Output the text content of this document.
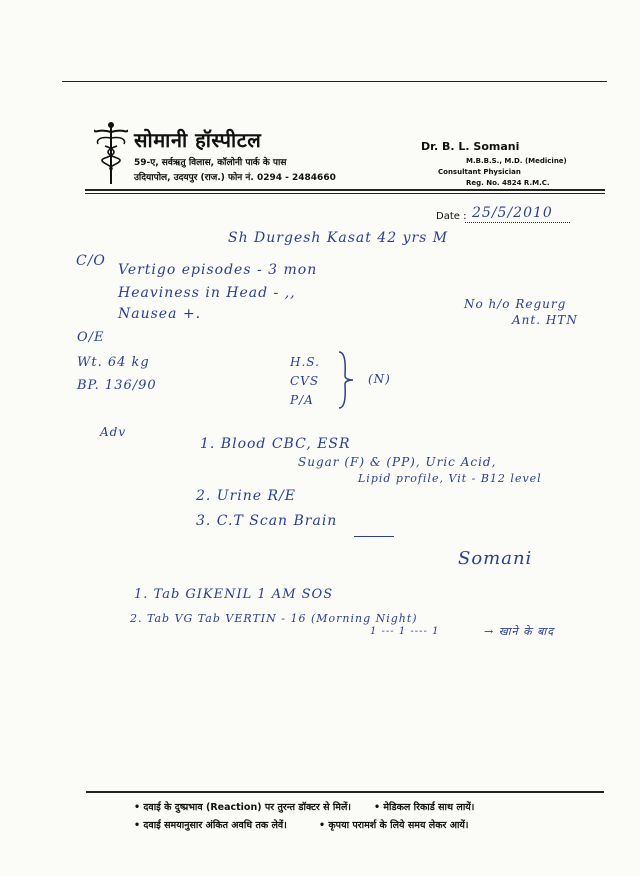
सोमानी हॉस्पीटल
59-ए, सर्वऋतु विलास, कॉलोनी पार्क के पास
उदियापोल, उदयपुर (राज.) फोन नं. 0294 - 2484660
Dr. B. L. Somani
M.B.B.S., M.D. (Medicine)
Consultant Physician
Reg. No. 4824 R.M.C.
Date : 25/5/2010
Sh Durgesh Kasat 42 yrs M
C/O
Vertigo episodes - 3 mon
Heaviness in Head - ,,
Nausea +.
No h/o Regurg
Ant. HTN
O/E
Wt. 64 kg
BP. 136/90
H.S.
CVS
P/A
(N)
Adv
1. Blood CBC, ESR
Sugar (F) & (PP), Uric Acid,
Lipid profile, Vit - B12 level
2. Urine R/E
3. C.T Scan Brain
Somani
1. Tab GIKENIL 1 AM SOS
2. Tab VG Tab VERTIN - 16 (Morning Night)
1 --- 1 ---- 1	→ खाने के बाद
• दवाई के दुष्प्रभाव (Reaction) पर तुरन्त डॉक्टर से मिलें। • मेडिकल रिकार्ड साथ लायें।
• दवाई समयानुसार अंकित अवधि तक लेवें।	• कृपया परामर्श के लिये समय लेकर आयें।
